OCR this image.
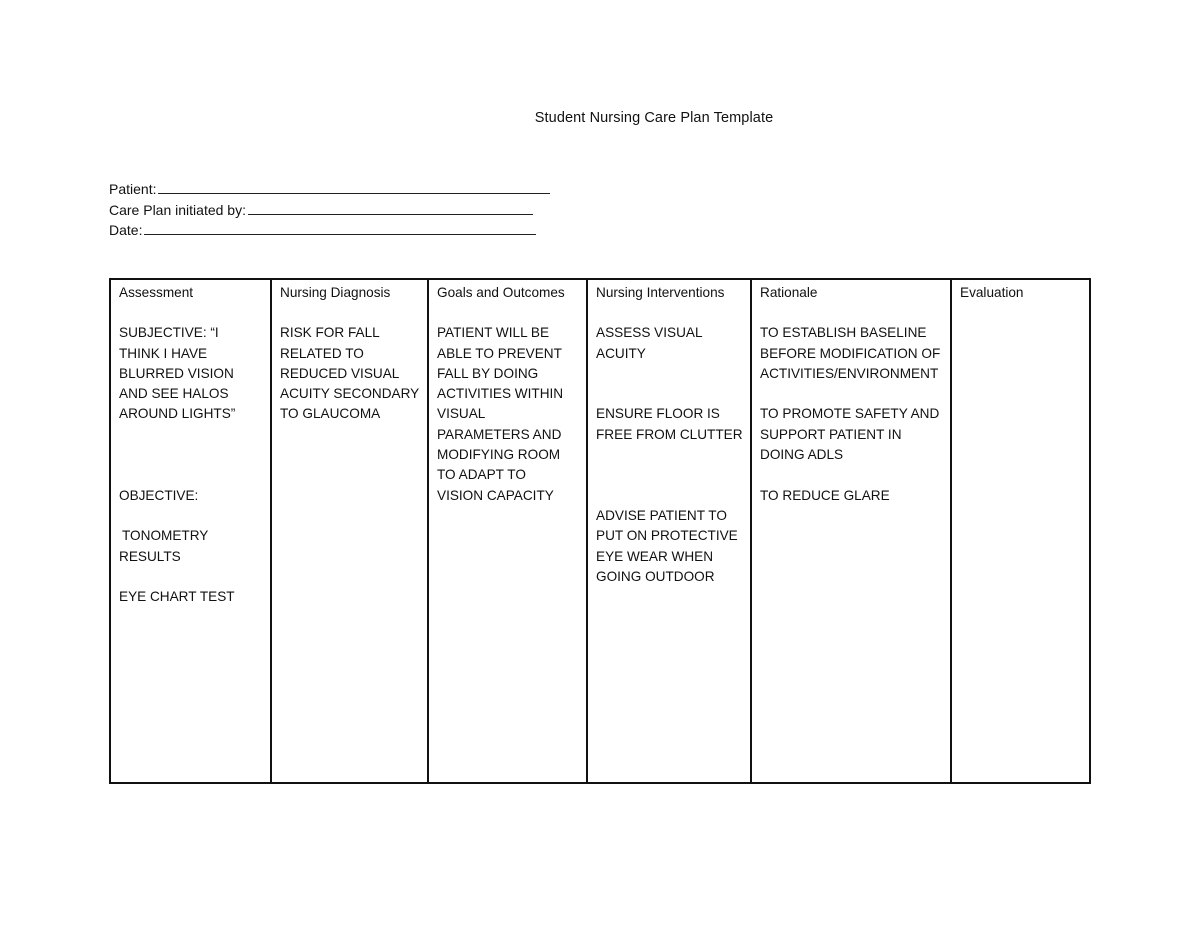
Student Nursing Care Plan Template
Patient:
Care Plan initiated by:
Date:
Assessment
SUBJECTIVE: “I
THINK I HAVE
BLURRED VISION
AND SEE HALOS
AROUND LIGHTS”
OBJECTIVE:
TONOMETRY
RESULTS
EYE CHART TEST
Nursing Diagnosis
RISK FOR FALL
RELATED TO
REDUCED VISUAL
ACUITY SECONDARY
TO GLAUCOMA
Goals and Outcomes
PATIENT WILL BE
ABLE TO PREVENT
FALL BY DOING
ACTIVITIES WITHIN
VISUAL
PARAMETERS AND
MODIFYING ROOM
TO ADAPT TO
VISION CAPACITY
Nursing Interventions
ASSESS VISUAL
ACUITY
ENSURE FLOOR IS
FREE FROM CLUTTER
ADVISE PATIENT TO
PUT ON PROTECTIVE
EYE WEAR WHEN
GOING OUTDOOR
Rationale
TO ESTABLISH BASELINE
BEFORE MODIFICATION OF
ACTIVITIES/ENVIRONMENT
TO PROMOTE SAFETY AND
SUPPORT PATIENT IN
DOING ADLS
TO REDUCE GLARE
Evaluation
